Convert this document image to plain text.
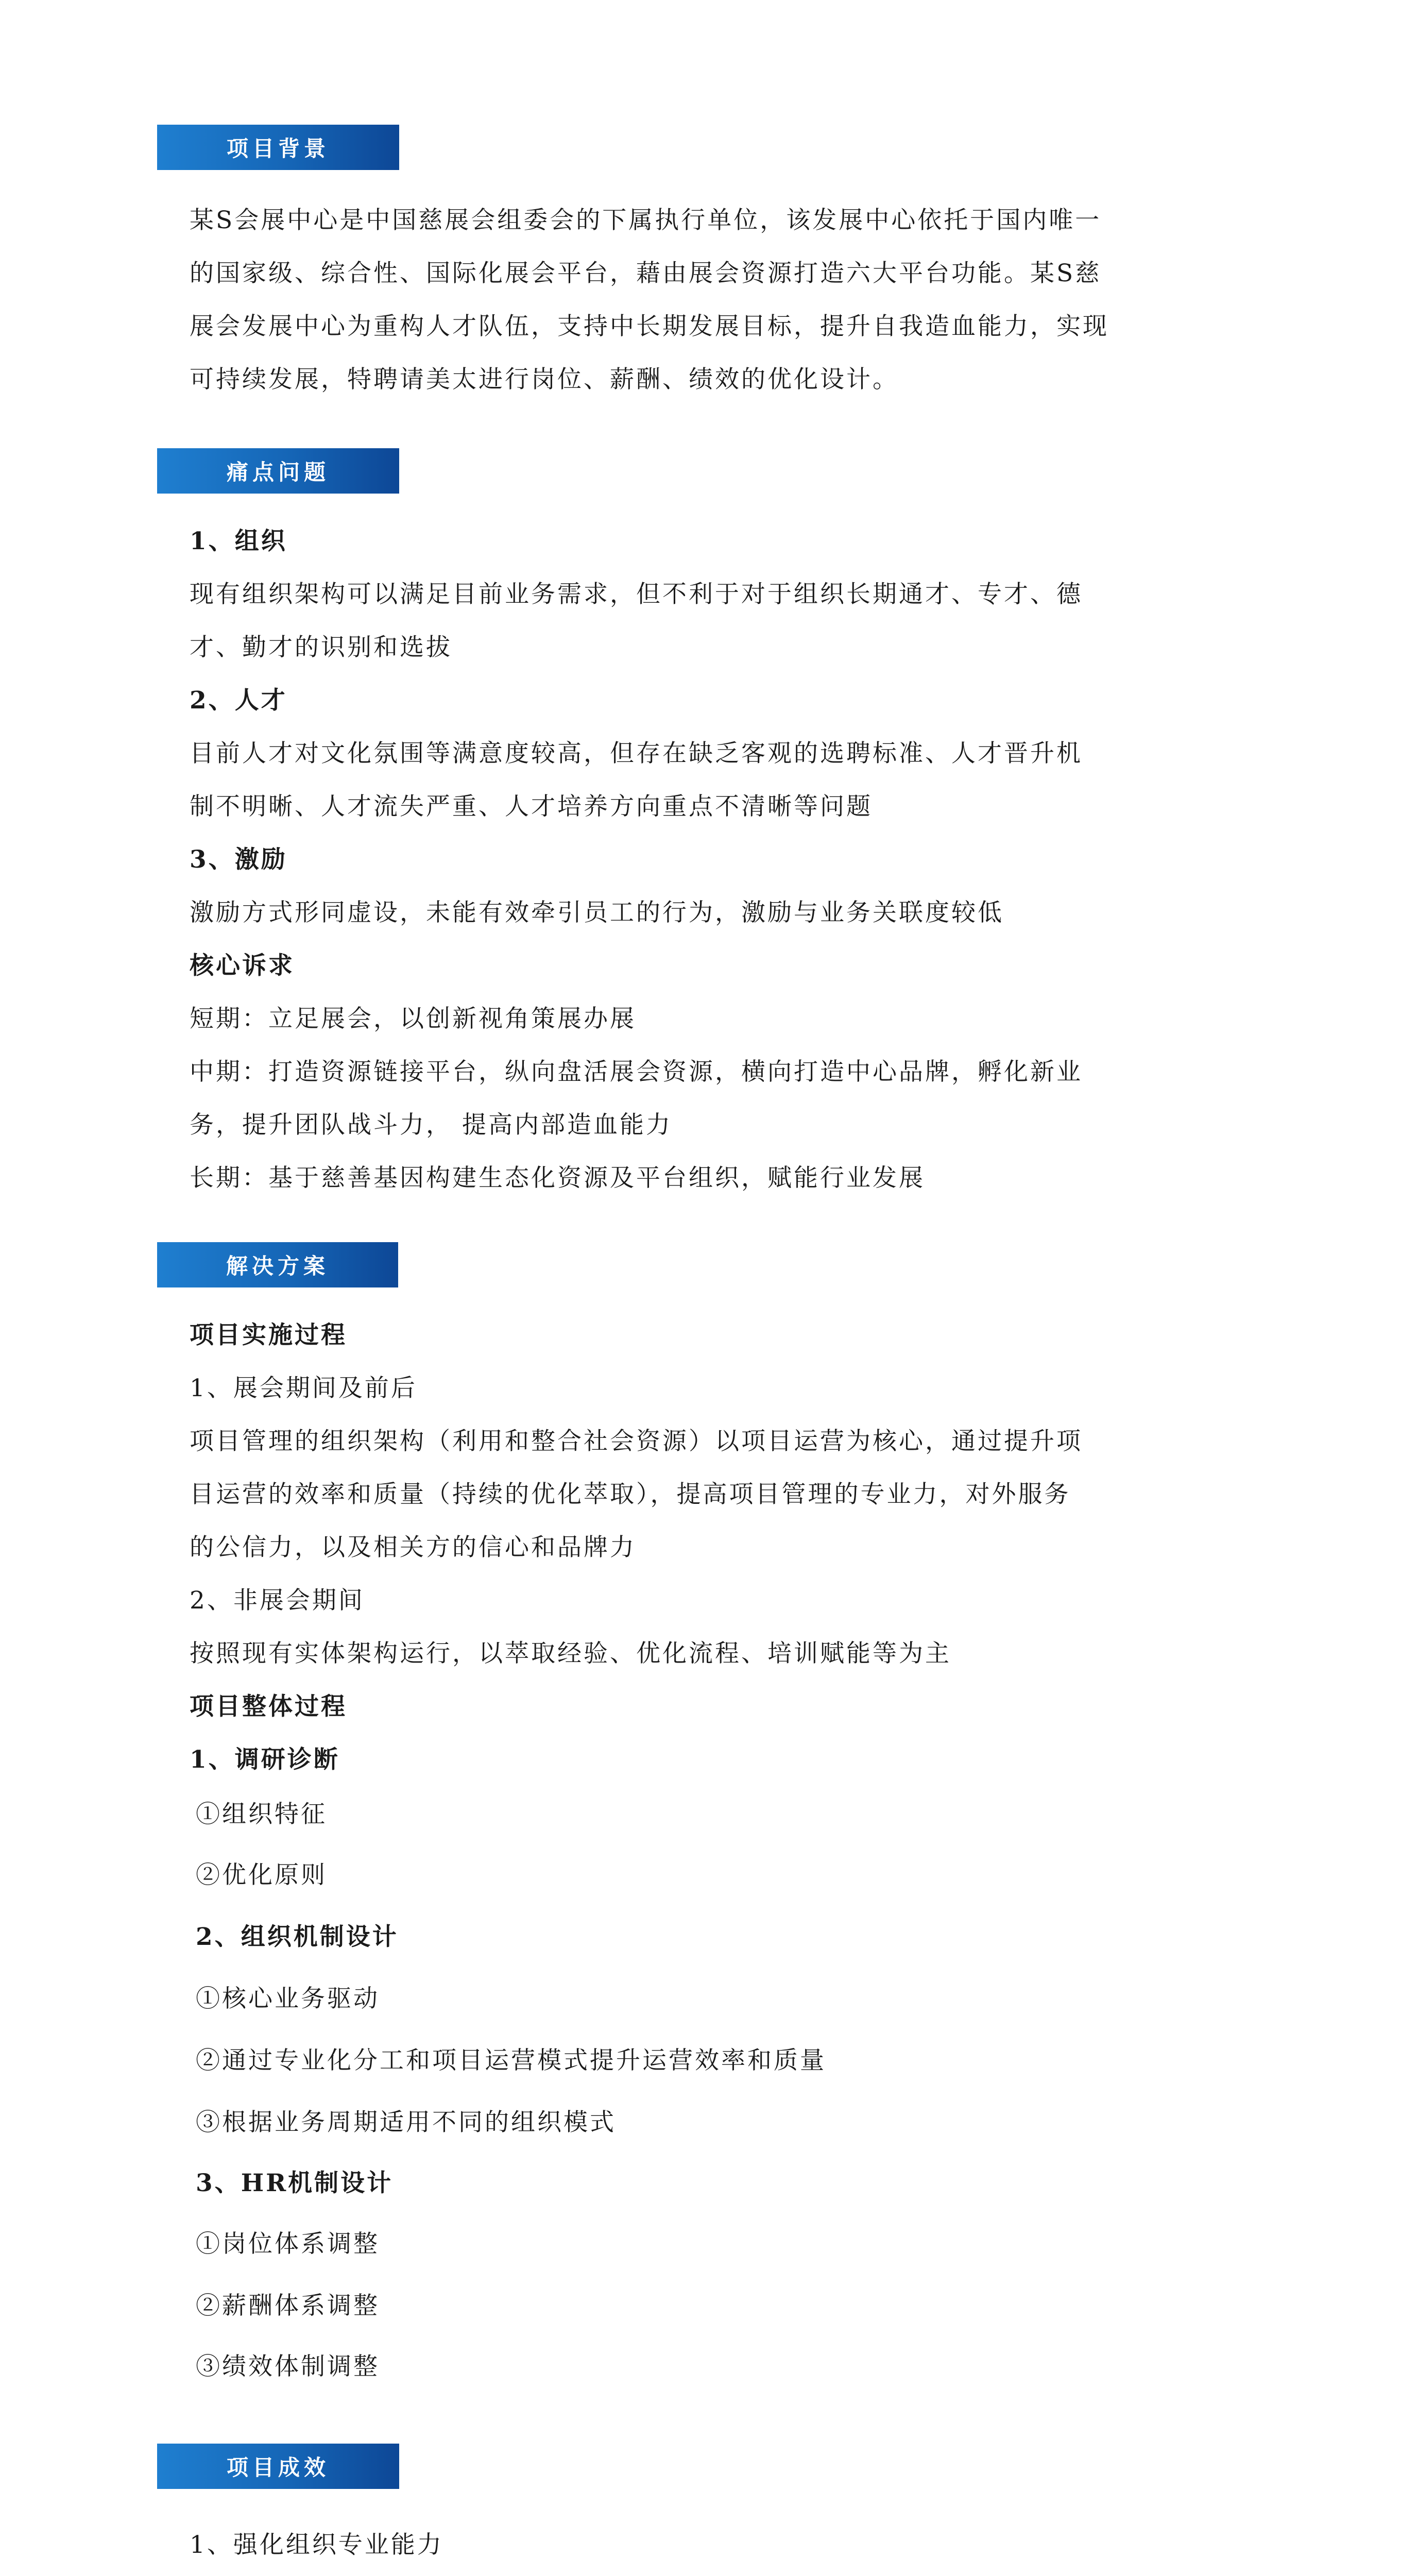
项目背景
某S会展中心是中国慈展会组委会的下属执行单位，该发展中心依托于国内唯一
的国家级、综合性、国际化展会平台，藉由展会资源打造六大平台功能。某S慈
展会发展中心为重构人才队伍，支持中长期发展目标，提升自我造血能力，实现
可持续发展，特聘请美太进行岗位、薪酬、绩效的优化设计。
痛点问题
1、组织
现有组织架构可以满足目前业务需求，但不利于对于组织长期通才、专才、德
才、勤才的识别和选拔
2、人才
目前人才对文化氛围等满意度较高，但存在缺乏客观的选聘标准、人才晋升机
制不明晰、人才流失严重、人才培养方向重点不清晰等问题
3、激励
激励方式形同虚设，未能有效牵引员工的行为，激励与业务关联度较低
核心诉求
短期：立足展会，以创新视角策展办展
中期：打造资源链接平台，纵向盘活展会资源，横向打造中心品牌，孵化新业
务，提升团队战斗力， 提高内部造血能力
长期：基于慈善基因构建生态化资源及平台组织，赋能行业发展
解决方案
项目实施过程
1、展会期间及前后
项目管理的组织架构（利用和整合社会资源）以项目运营为核心，通过提升项
目运营的效率和质量（持续的优化萃取），提高项目管理的专业力，对外服务
的公信力，以及相关方的信心和品牌力
2、非展会期间
按照现有实体架构运行，以萃取经验、优化流程、培训赋能等为主
项目整体过程
1、调研诊断
①组织特征
②优化原则
2、组织机制设计
①核心业务驱动
②通过专业化分工和项目运营模式提升运营效率和质量
③根据业务周期适用不同的组织模式
3、HR机制设计
①岗位体系调整
②薪酬体系调整
③绩效体制调整
项目成效
1、强化组织专业能力
